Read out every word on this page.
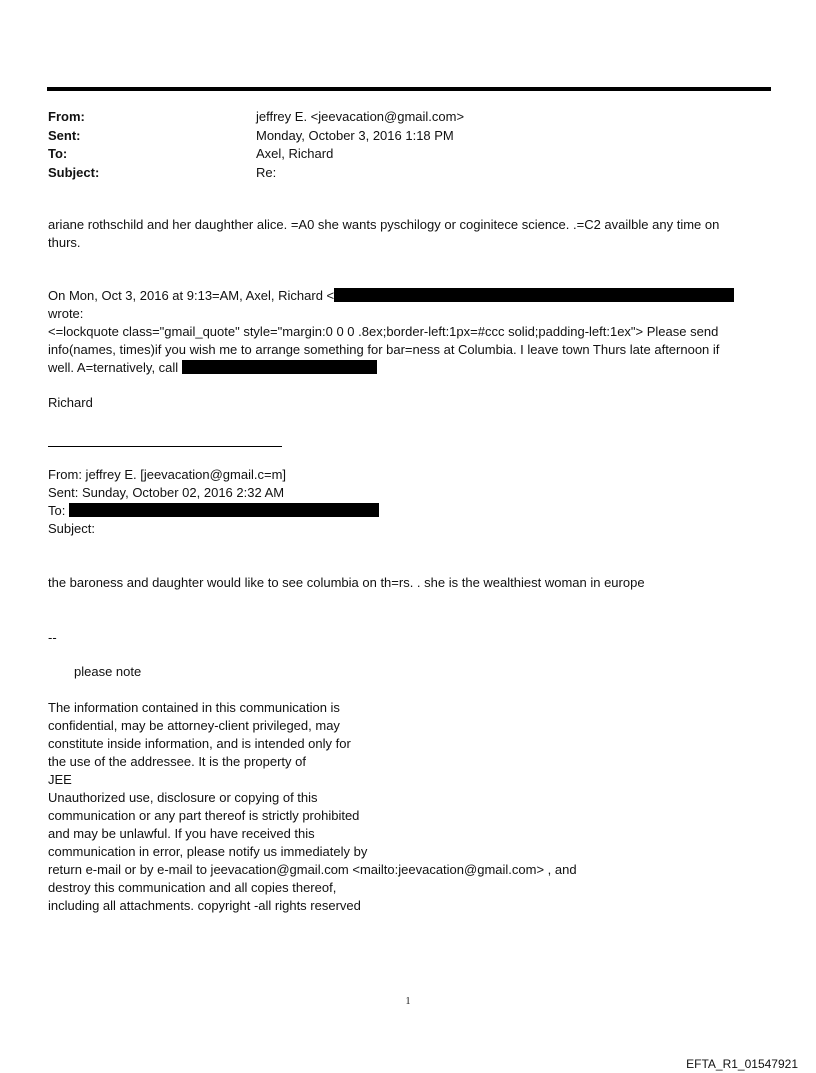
From:	jeffrey E. <jeevacation@gmail.com>
Sent:	Monday, October 3, 2016 1:18 PM
To:	Axel, Richard
Subject:	Re:
ariane rothschild and her daughther alice. =A0 she wants pyschilogy or coginitece science. .=C2 availble any time on
thurs.
On Mon, Oct 3, 2016 at 9:13=AM, Axel, Richard <
wrote:
<=lockquote class="gmail_quote" style="margin:0 0 0 .8ex;border-left:1px=#ccc solid;padding-left:1ex"> Please send
info(names, times)if you wish me to arrange something for bar=ness at Columbia. I leave town Thurs late afternoon if
well. A=ternatively, call
Richard
From: jeffrey E. [jeevacation@gmail.c=m]
Sent: Sunday, October 02, 2016 2:32 AM
To:
Subject:
the baroness and daughter would like to see columbia on th=rs. . she is the wealthiest woman in europe
--
please note
The information contained in this communication is
confidential, may be attorney-client privileged, may
constitute inside information, and is intended only for
the use of the addressee. It is the property of
JEE
Unauthorized use, disclosure or copying of this
communication or any part thereof is strictly prohibited
and may be unlawful. If you have received this
communication in error, please notify us immediately by
return e-mail or by e-mail to jeevacation@gmail.com <mailto:jeevacation@gmail.com> , and
destroy this communication and all copies thereof,
including all attachments. copyright -all rights reserved
1
EFTA_R1_01547921
